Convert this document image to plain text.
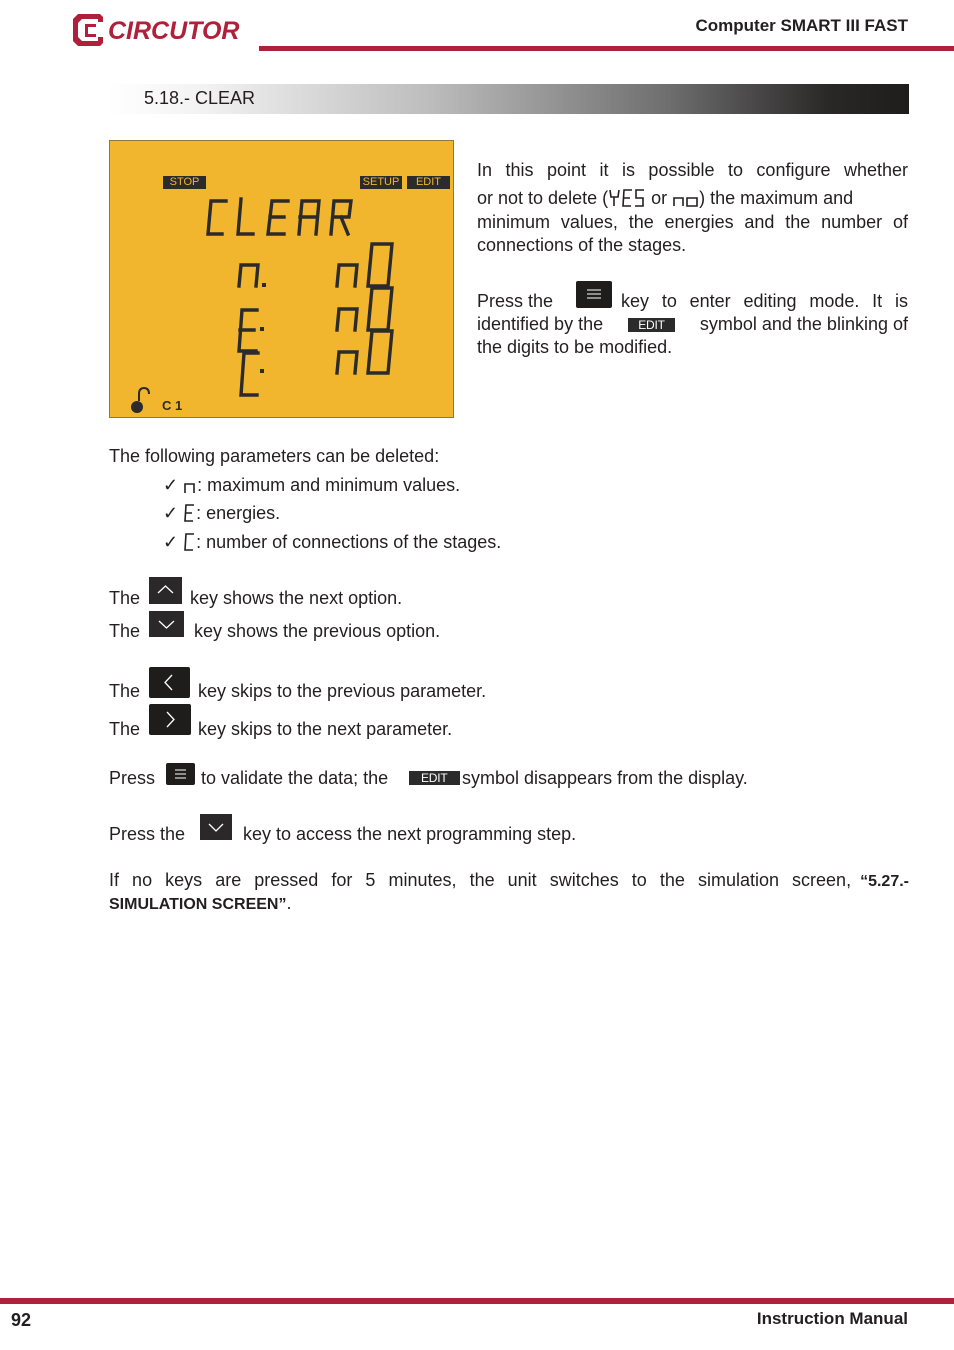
CIRCUTOR	Computer SMART III FAST
5.18.- CLEAR
STOP	SETUP	EDIT
C 1
In this point it is possible to configure whether
or not to delete ( or ) the maximum and
minimum values, the energies and the number of
connections of the stages.
Press the	key to enter editing mode. It is
identified by the	EDIT	symbol and the blinking of
the digits to be modified.
The following parameters can be deleted:
✓ : maximum and minimum values.
✓ : energies.
✓ : number of connections of the stages.
The	key shows the next option.
The	key shows the previous option.
The	key skips to the previous parameter.
The	key skips to the next parameter.
Press	to validate the data; the	EDIT symbol disappears from the display.
Press the	key to access the next programming step.
If no keys are pressed for 5 minutes, the unit switches to the simulation screen, “5.27.-
SIMULATION SCREEN”.
92	Instruction Manual
